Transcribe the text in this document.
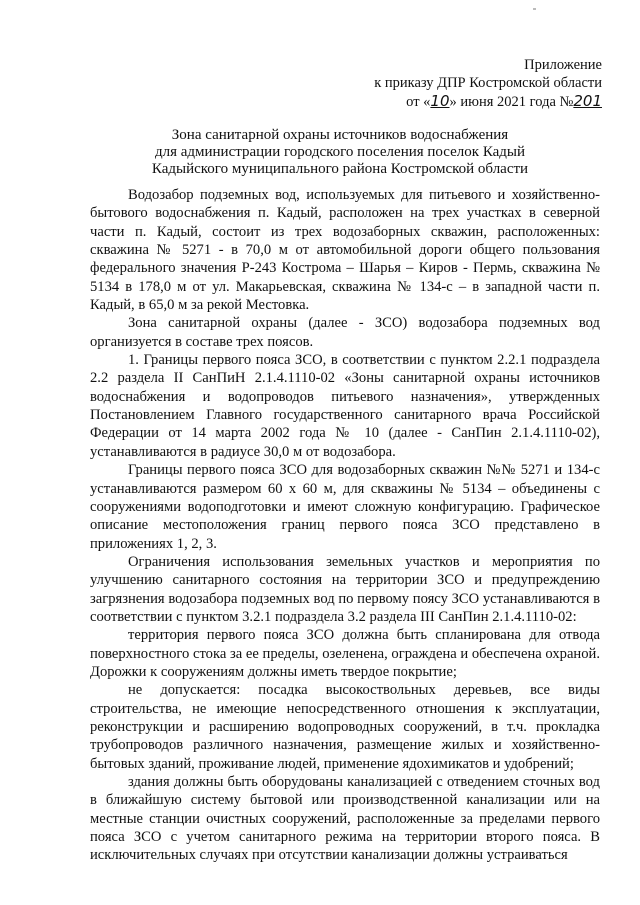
Приложение
к приказу ДПР Костромской области
от «10» июня 2021 года №201
Зона санитарной охраны источников водоснабжения
для администрации городского поселения поселок Кадый
Кадыйского муниципального района Костромской области

Водозабор подземных вод, используемых для питьевого и хозяйственно-бытового водоснабжения п. Кадый, расположен на трех участках в северной части п. Кадый, состоит из трех водозаборных скважин, расположенных: скважина № 5271 - в 70,0 м от автомобильной дороги общего пользования федерального значения Р-243 Кострома – Шарья – Киров - Пермь, скважина № 5134 в 178,0 м от ул. Макарьевская, скважина № 134-с – в западной части п. Кадый, в 65,0 м за рекой Местовка.

Зона санитарной охраны (далее - ЗСО) водозабора подземных вод организуется в составе трех поясов.

1. Границы первого пояса ЗСО, в соответствии с пунктом 2.2.1 подраздела 2.2 раздела II СанПиН 2.1.4.1110-02 «Зоны санитарной охраны источников водоснабжения и водопроводов питьевого назначения», утвержденных Постановлением Главного государственного санитарного врача Российской Федерации от 14 марта 2002 года № 10 (далее - СанПин 2.1.4.1110-02), устанавливаются в радиусе 30,0 м от водозабора.

Границы первого пояса ЗСО для водозаборных скважин №№ 5271 и 134-с устанавливаются размером 60 х 60 м, для скважины № 5134 – объединены с сооружениями водоподготовки и имеют сложную конфигурацию. Графическое описание местоположения границ первого пояса ЗСО представлено в приложениях 1, 2, 3.

Ограничения использования земельных участков и мероприятия по улучшению санитарного состояния на территории ЗСО и предупреждению загрязнения водозабора подземных вод по первому поясу ЗСО устанавливаются в соответствии с пунктом 3.2.1 подраздела 3.2 раздела III СанПин 2.1.4.1110-02:

территория первого пояса ЗСО должна быть спланирована для отвода поверхностного стока за ее пределы, озеленена, ограждена и обеспечена охраной. Дорожки к сооружениям должны иметь твердое покрытие;

не допускается: посадка высокоствольных деревьев, все виды строительства, не имеющие непосредственного отношения к эксплуатации, реконструкции и расширению водопроводных сооружений, в т.ч. прокладка трубопроводов различного назначения, размещение жилых и хозяйственно-бытовых зданий, проживание людей, применение ядохимикатов и удобрений;

здания должны быть оборудованы канализацией с отведением сточных вод в ближайшую систему бытовой или производственной канализации или на местные станции очистных сооружений, расположенные за пределами первого пояса ЗСО с учетом санитарного режима на территории второго пояса. В исключительных случаях при отсутствии канализации должны устраиваться
